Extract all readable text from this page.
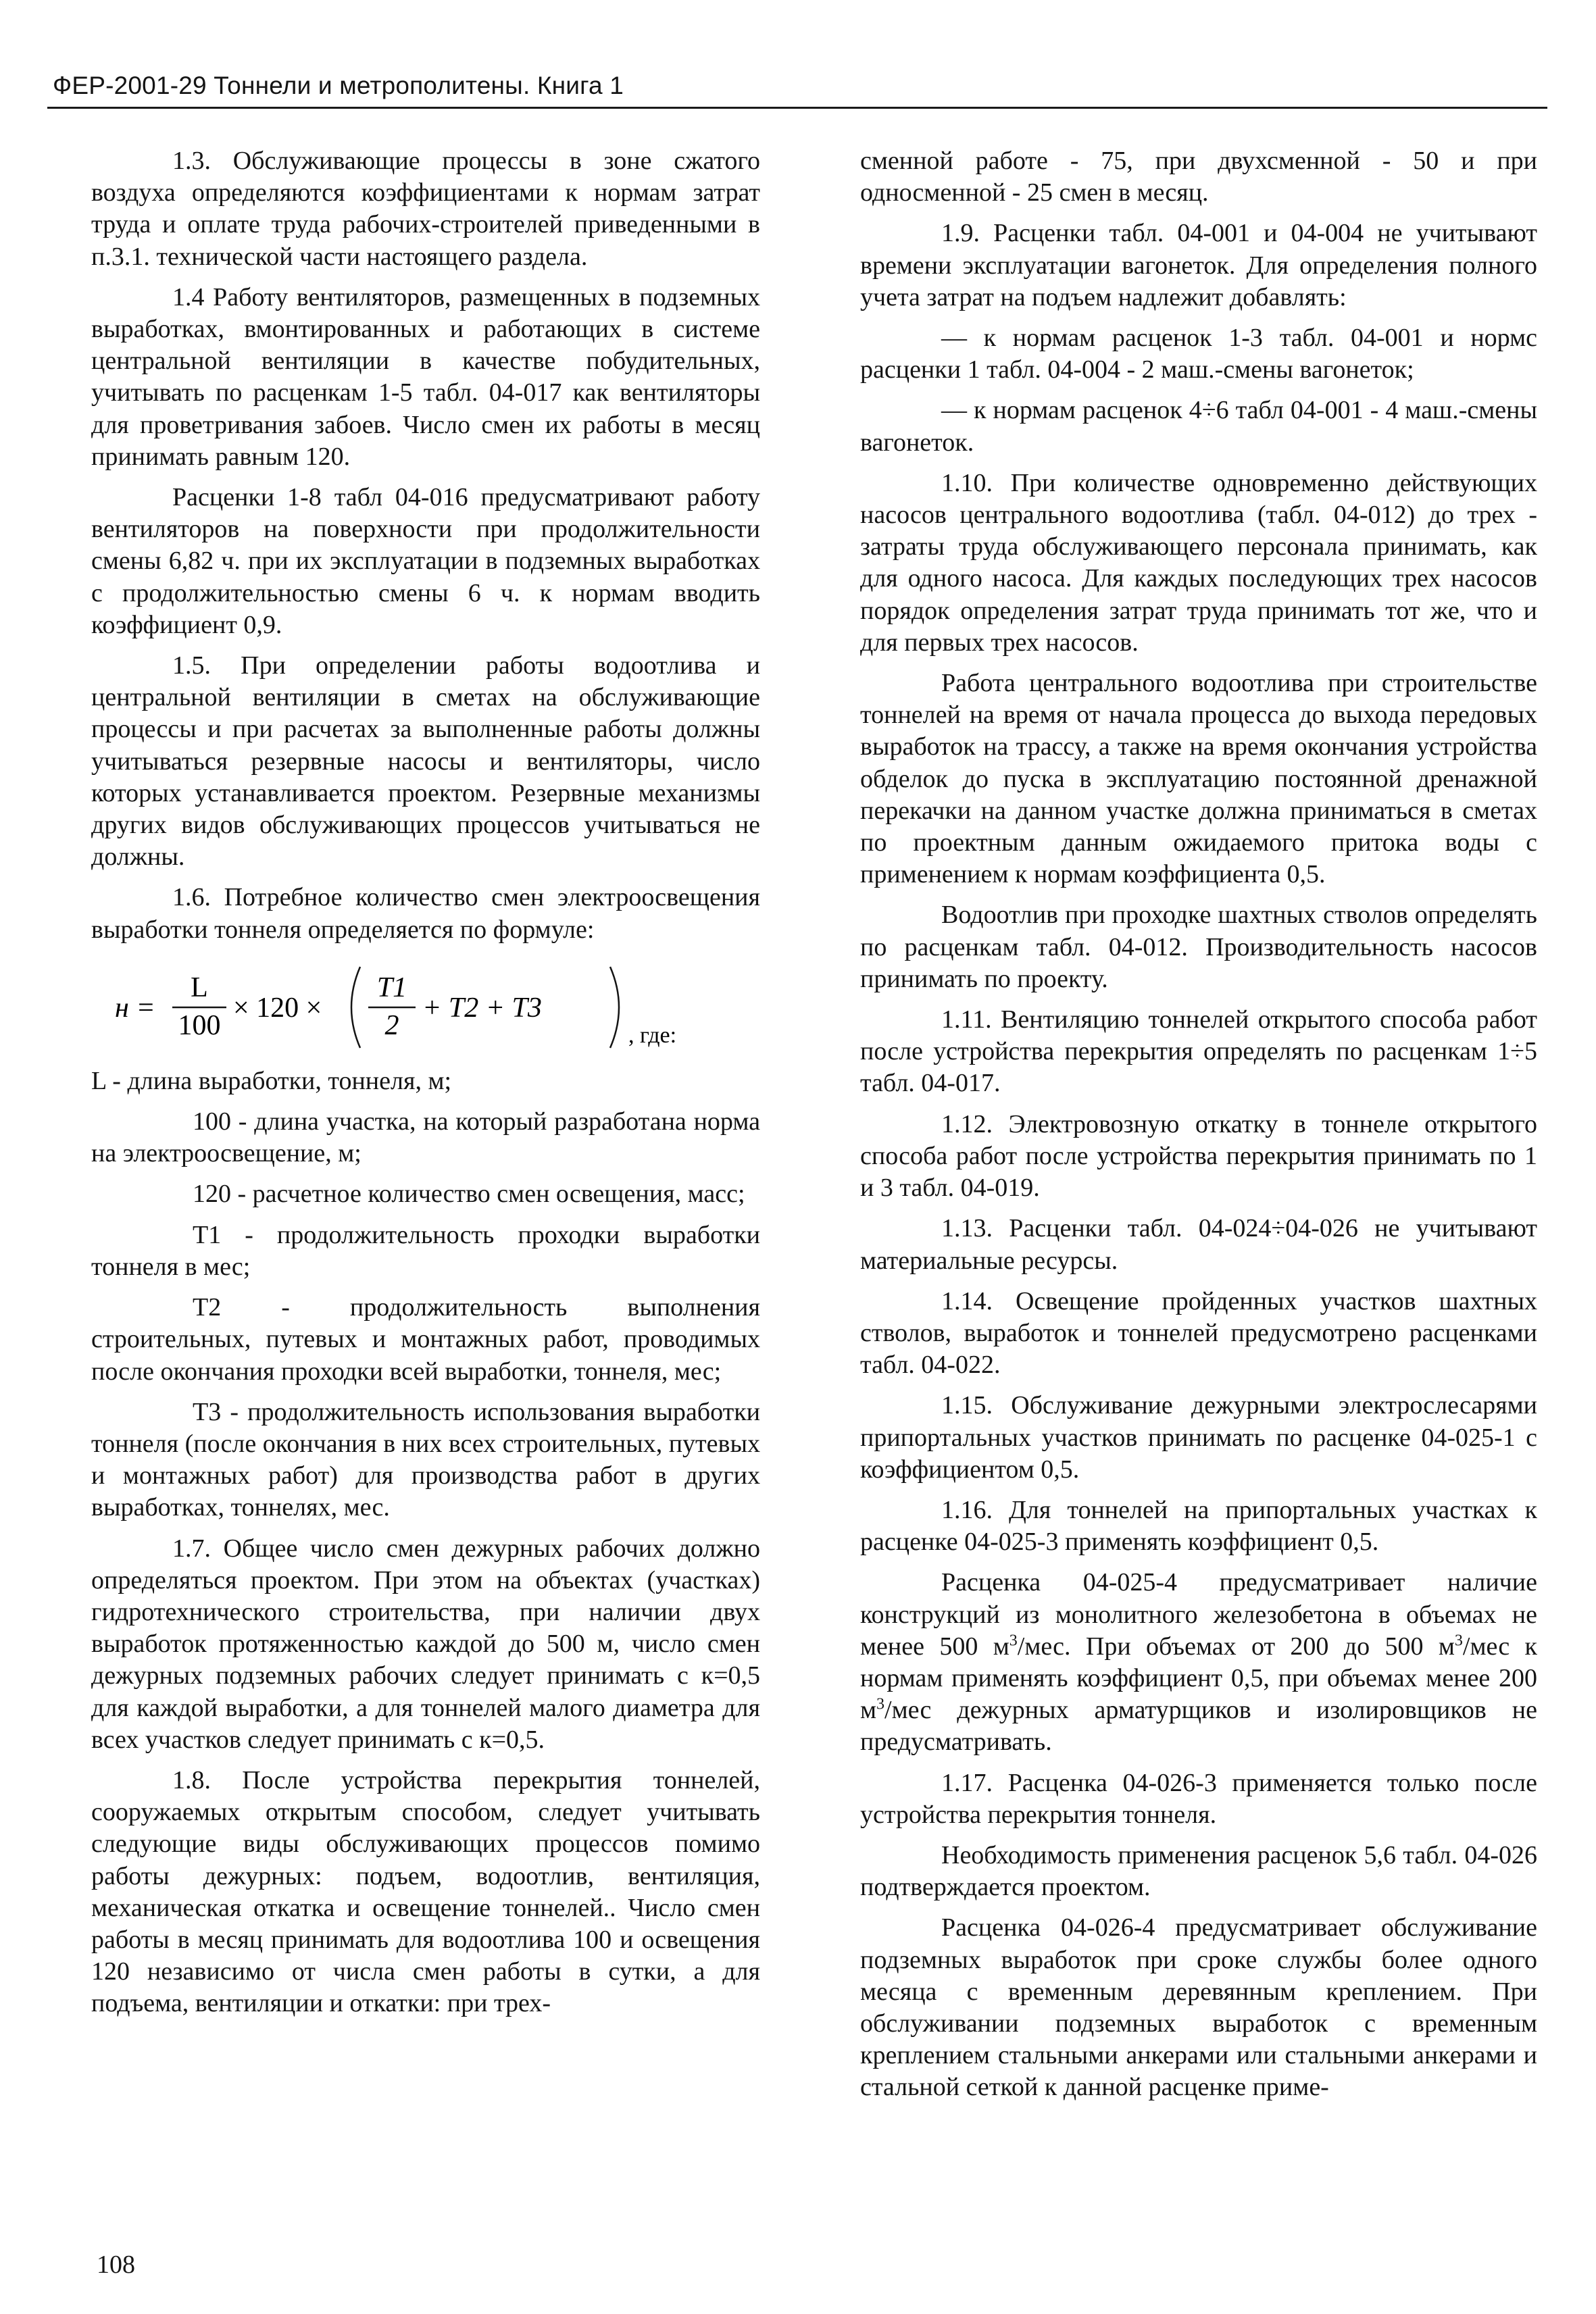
ФЕР-2001-29 Тоннели и метрополитены. Книга 1

1.3. Обслуживающие процессы в зоне сжатого воздуха определяются коэффициентами к нормам затрат труда и оплате труда рабочих-строителей приведенными в п.3.1. технической части настоящего раздела.

1.4 Работу вентиляторов, размещенных в подземных выработках, вмонтированных и работающих в системе центральной вентиляции в качестве побудительных, учитывать по расценкам 1-5 табл. 04-017 как вентиляторы для проветривания забоев. Число смен их работы в месяц принимать равным 120.

Расценки 1-8 табл 04-016 предусматривают работу вентиляторов на поверхности при продолжительности смены 6,82 ч. при их эксплуатации в подземных выработках с продолжительностью смены 6 ч. к нормам вводить коэффициент 0,9.

1.5. При определении работы водоотлива и центральной вентиляции в сметах на обслуживающие процессы и при расчетах за выполненные работы должны учитываться резервные насосы и вентиляторы, число которых устанавливается проектом. Резервные механизмы других видов обслуживающих процессов учитываться не должны.

1.6. Потребное количество смен электроосвещения выработки тоннеля определяется по формуле:

н =
L
100
× 120 ×
Т1
2
+ Т2 + Т3
, где:

L - длина выработки, тоннеля, м;

100 - длина участка, на который разработана норма на электроосвещение, м;

120 - расчетное количество смен освещения, масс;

Т1 - продолжительность проходки выработки тоннеля в мес;

Т2 - продолжительность выполнения строительных, путевых и монтажных работ, проводимых после окончания проходки всей выработки, тоннеля, мес;

Т3 - продолжительность использования выработки тоннеля (после окончания в них всех строительных, путевых и монтажных работ) для производства работ в других выработках, тоннелях, мес.

1.7. Общее число смен дежурных рабочих должно определяться проектом. При этом на объектах (участках) гидротехнического строительства, при наличии двух выработок протяженностью каждой до 500 м, число смен дежурных подземных рабочих следует принимать с к=0,5 для каждой выработки, а для тоннелей малого диаметра для всех участков следует принимать с к=0,5.

1.8. После устройства перекрытия тоннелей, сооружаемых открытым способом, следует учитывать следующие виды обслуживающих процессов помимо работы дежурных: подъем, водоотлив, вентиляция, механическая откатка и освещение тоннелей.. Число смен работы в месяц принимать для водоотлива 100 и освещения 120 независимо от числа смен работы в сутки, а для подъема, вентиляции и откатки: при трех-

сменной работе - 75, при двухсменной - 50 и при односменной - 25 смен в месяц.

1.9. Расценки табл. 04-001 и 04-004 не учитывают времени эксплуатации вагонеток. Для определения полного учета затрат на подъем надлежит добавлять:

— к нормам расценок 1-3 табл. 04-001 и нормс расценки 1 табл. 04-004 - 2 маш.-смены вагонеток;

— к нормам расценок 4÷6 табл 04-001 - 4 маш.-смены вагонеток.

1.10. При количестве одновременно действующих насосов центрального водоотлива (табл. 04-012) до трех - затраты труда обслуживающего персонала принимать, как для одного насоса. Для каждых последующих трех насосов порядок определения затрат труда принимать тот же, что и для первых трех насосов.

Работа центрального водоотлива при строительстве тоннелей на время от начала процесса до выхода передовых выработок на трассу, а также на время окончания устройства обделок до пуска в эксплуатацию постоянной дренажной перекачки на данном участке должна приниматься в сметах по проектным данным ожидаемого притока воды с применением к нормам коэффициента 0,5.

Водоотлив при проходке шахтных стволов определять по расценкам табл. 04-012. Производительность насосов принимать по проекту.

1.11. Вентиляцию тоннелей открытого способа работ после устройства перекрытия определять по расценкам 1÷5 табл. 04-017.

1.12. Электровозную откатку в тоннеле открытого способа работ после устройства перекрытия принимать по 1 и 3 табл. 04-019.

1.13. Расценки табл. 04-024÷04-026 не учитывают материальные ресурсы.

1.14. Освещение пройденных участков шахтных стволов, выработок и тоннелей предусмотрено расценками табл. 04-022.

1.15. Обслуживание дежурными электрослесарями припортальных участков принимать по расценке 04-025-1 с коэффициентом 0,5.

1.16. Для тоннелей на припортальных участках к расценке 04-025-3 применять коэффициент 0,5.

Расценка 04-025-4 предусматривает наличие конструкций из монолитного железобетона в объемах не менее 500 $м^3$/мес. При объемах от 200 до 500 $м^3$/мес к нормам применять коэффициент 0,5, при объемах менее 200 $м^3$/мес дежурных арматурщиков и изолировщиков не предусматривать.

1.17. Расценка 04-026-3 применяется только после устройства перекрытия тоннеля.

Необходимость применения расценок 5,6 табл. 04-026 подтверждается проектом.

Расценка 04-026-4 предусматривает обслуживание подземных выработок при сроке службы более одного месяца с временным деревянным креплением. При обслуживании подземных выработок с временным креплением стальными анкерами или стальными анкерами и стальной сеткой к данной расценке приме-

108
